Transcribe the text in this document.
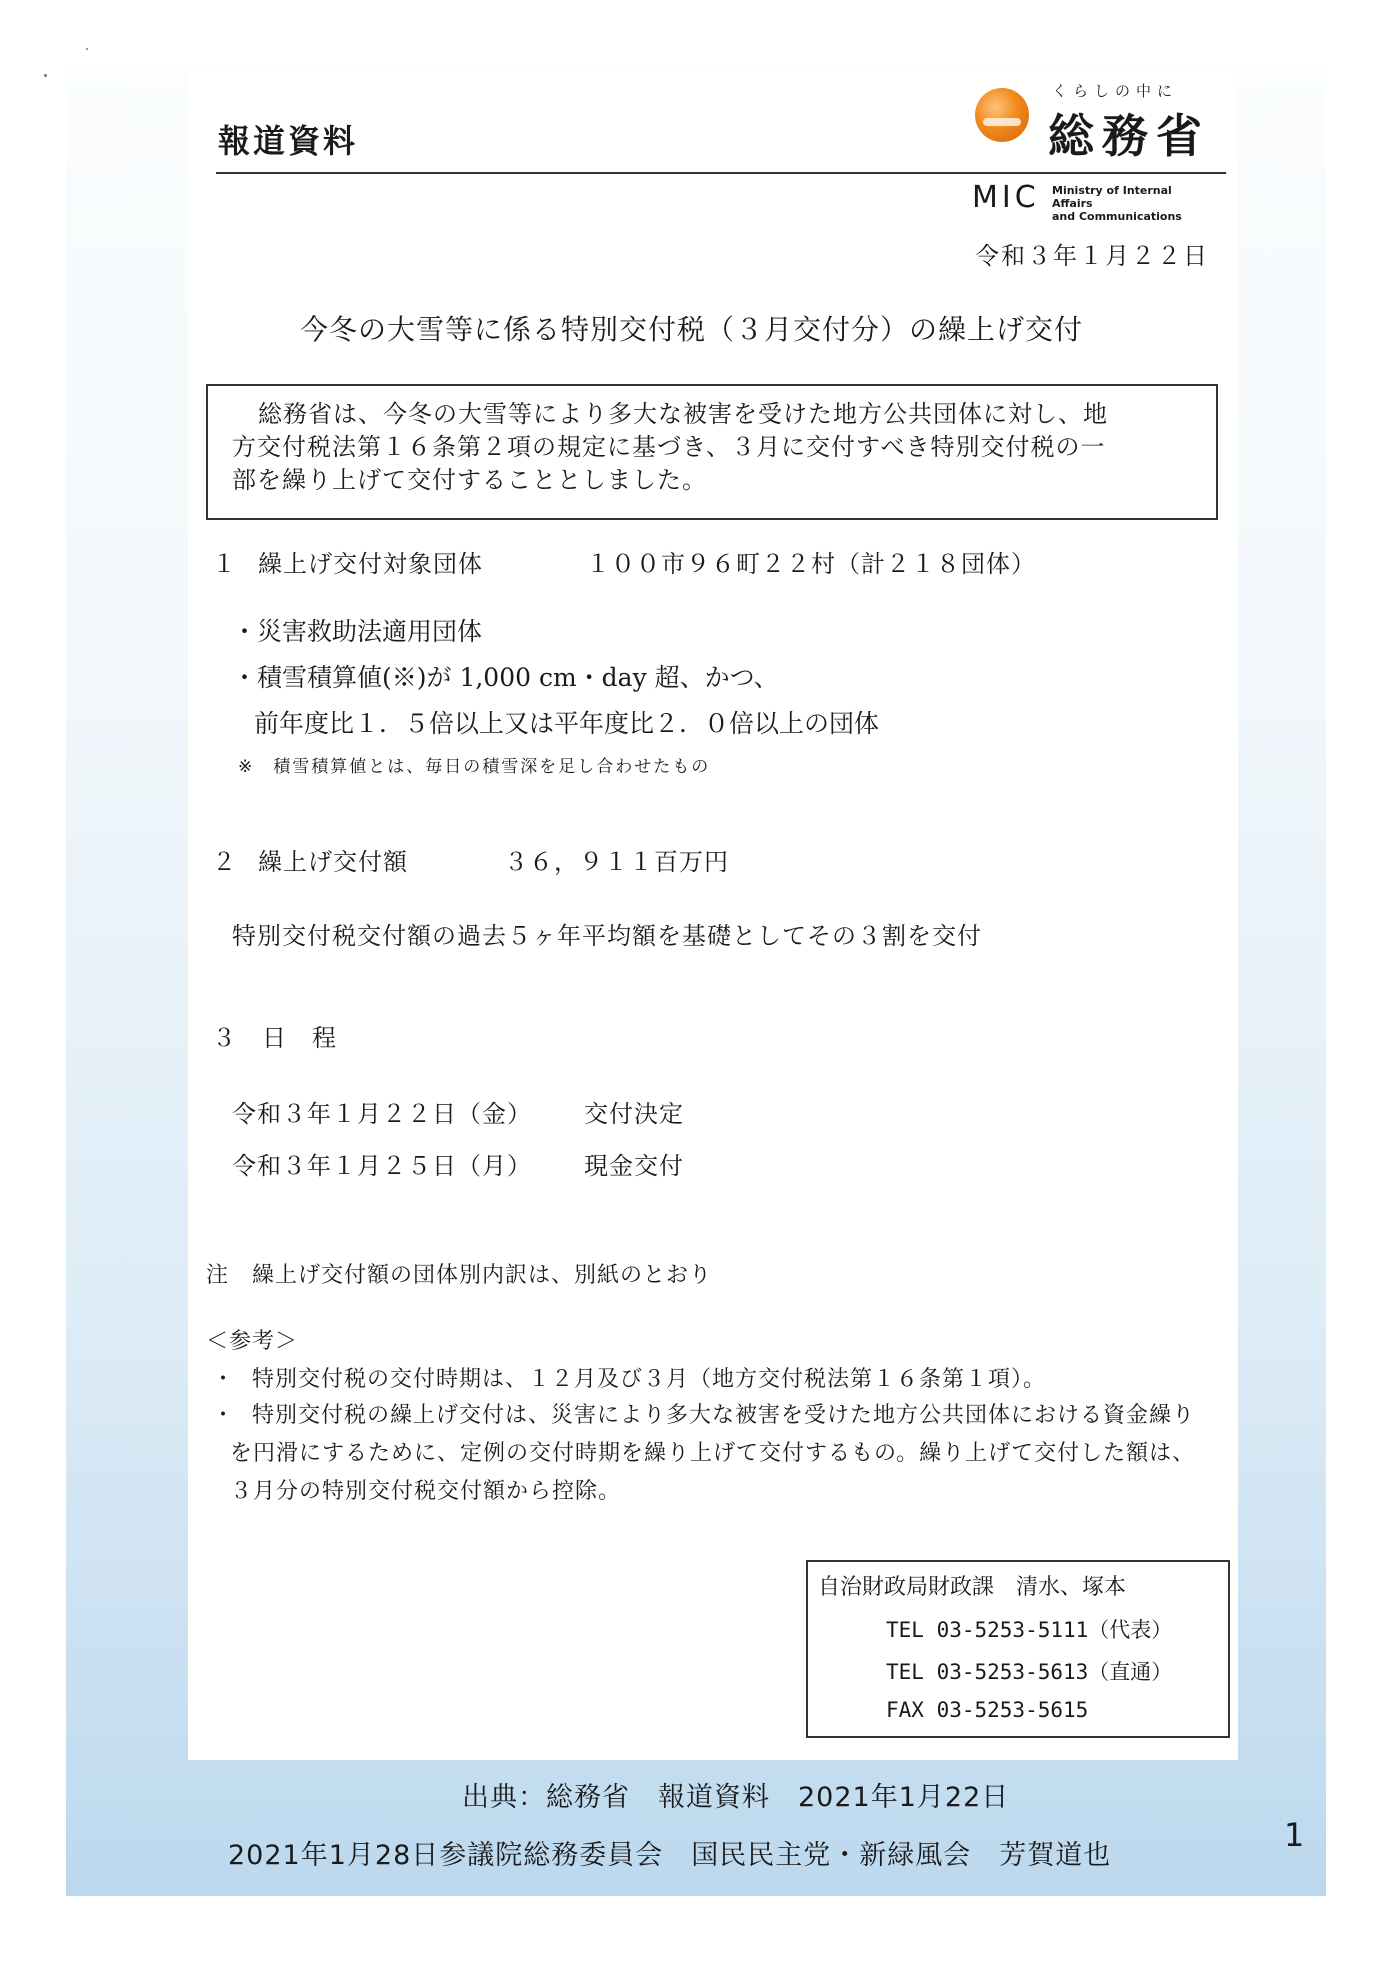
報道資料
くらしの中に
総務省
MIC Ministry of Internal Affairs
and Communications
令和３年１月２２日
今冬の大雪等に係る特別交付税（３月交付分）の繰上げ交付
総務省は、今冬の大雪等により多大な被害を受けた地方公共団体に対し、地
方交付税法第１６条第２項の規定に基づき、３月に交付すべき特別交付税の一
部を繰り上げて交付することとしました。
１ 繰上げ交付対象団体	１００市９６町２２村（計２１８団体）
・災害救助法適用団体
・積雪積算値(※)が 1,000 cm・day 超、かつ、
前年度比１．５倍以上又は平年度比２．０倍以上の団体
※　積雪積算値とは、毎日の積雪深を足し合わせたもの
２ 繰上げ交付額	３６，９１１百万円
特別交付税交付額の過去５ヶ年平均額を基礎としてその３割を交付
３ 日　程
令和３年１月２２日（金） 交付決定
令和３年１月２５日（月） 現金交付
注 繰上げ交付額の団体別内訳は、別紙のとおり
＜参考＞
・ 特別交付税の交付時期は、１２月及び３月（地方交付税法第１６条第１項）。
・ 特別交付税の繰上げ交付は、災害により多大な被害を受けた地方公共団体における資金繰り
を円滑にするために、定例の交付時期を繰り上げて交付するもの。繰り上げて交付した額は、
３月分の特別交付税交付額から控除。
自治財政局財政課　清水、塚本
TEL 03-5253-5111（代表）
TEL 03-5253-5613（直通）
FAX 03-5253-5615
出典：総務省　報道資料　2021年1月22日
2021年1月28日参議院総務委員会　国民民主党・新緑風会　芳賀道也
1
